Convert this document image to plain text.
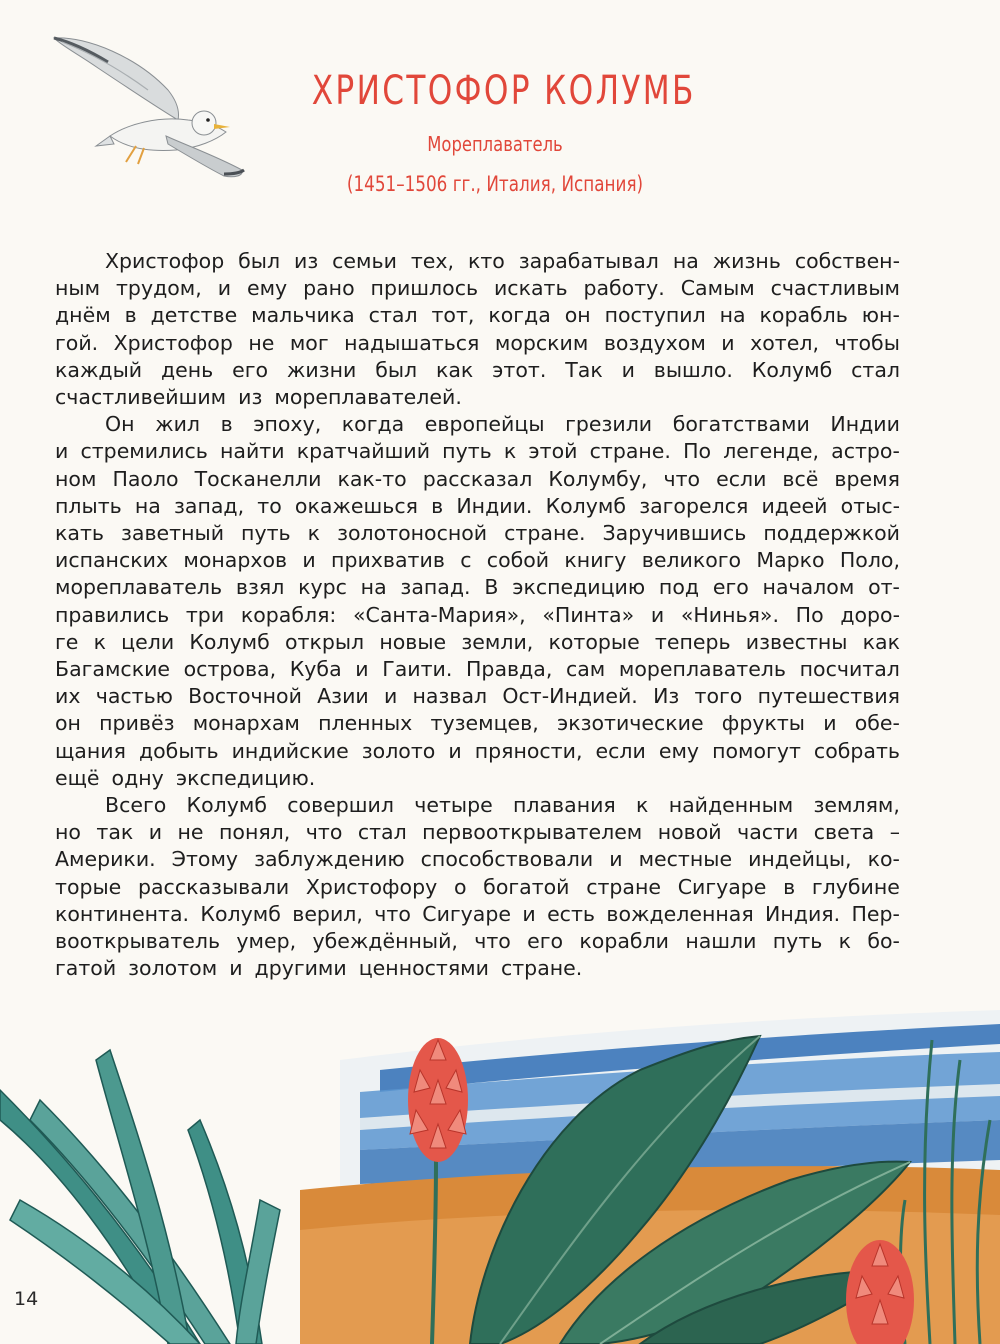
ХРИСТОФОР КОЛУМБ
Мореплаватель
(1451–1506 гг., Италия, Испания)
Христофор был из семьи тех, кто зарабатывал на жизнь собствен-
ным трудом, и ему рано пришлось искать работу. Самым счастливым
днём в детстве мальчика стал тот, когда он поступил на корабль юн-
гой. Христофор не мог надышаться морским воздухом и хотел, чтобы
каждый день его жизни был как этот. Так и вышло. Колумб стал
счастливейшим из мореплавателей.
Он жил в эпоху, когда европейцы грезили богатствами Индии
и стремились найти кратчайший путь к этой стране. По легенде, астро-
ном Паоло Тосканелли как-то рассказал Колумбу, что если всё время
плыть на запад, то окажешься в Индии. Колумб загорелся идеей отыс-
кать заветный путь к золотоносной стране. Заручившись поддержкой
испанских монархов и прихватив с собой книгу великого Марко Поло,
мореплаватель взял курс на запад. В экспедицию под его началом от-
правились три корабля: «Санта-Мария», «Пинта» и «Нинья». По доро-
ге к цели Колумб открыл новые земли, которые теперь известны как
Багамские острова, Куба и Гаити. Правда, сам мореплаватель посчитал
их частью Восточной Азии и назвал Ост-Индией. Из того путешествия
он привёз монархам пленных туземцев, экзотические фрукты и обе-
щания добыть индийские золото и пряности, если ему помогут собрать
ещё одну экспедицию.
Всего Колумб совершил четыре плавания к найденным землям,
но так и не понял, что стал первооткрывателем новой части света –
Америки. Этому заблуждению способствовали и местные индейцы, ко-
торые рассказывали Христофору о богатой стране Сигуаре в глубине
континента. Колумб верил, что Сигуаре и есть вожделенная Индия. Пер-
вооткрыватель умер, убеждённый, что его корабли нашли путь к бо-
гатой золотом и другими ценностями стране.
14
